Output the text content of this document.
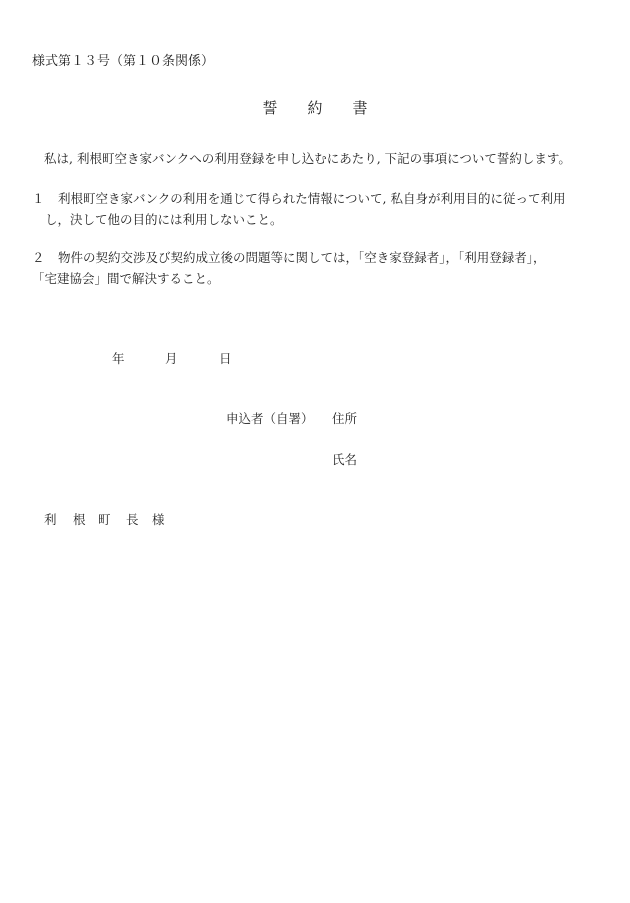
様式第１３号（第１０条関係）
誓 約 書
私は, 利根町空き家バンクへの利用登録を申し込むにあたり, 下記の事項について誓約します。
１ 利根町空き家バンクの利用を通じて得られた情報について, 私自身が利用目的に従って利用
し，決して他の目的には利用しないこと。
２ 物件の契約交渉及び契約成立後の問題等に関しては，「空き家登録者」，「利用登録者」，
「宅建協会」間で解決すること。
年	月	日
申込者（自署） 住所
氏名
利 根 町 長 様
